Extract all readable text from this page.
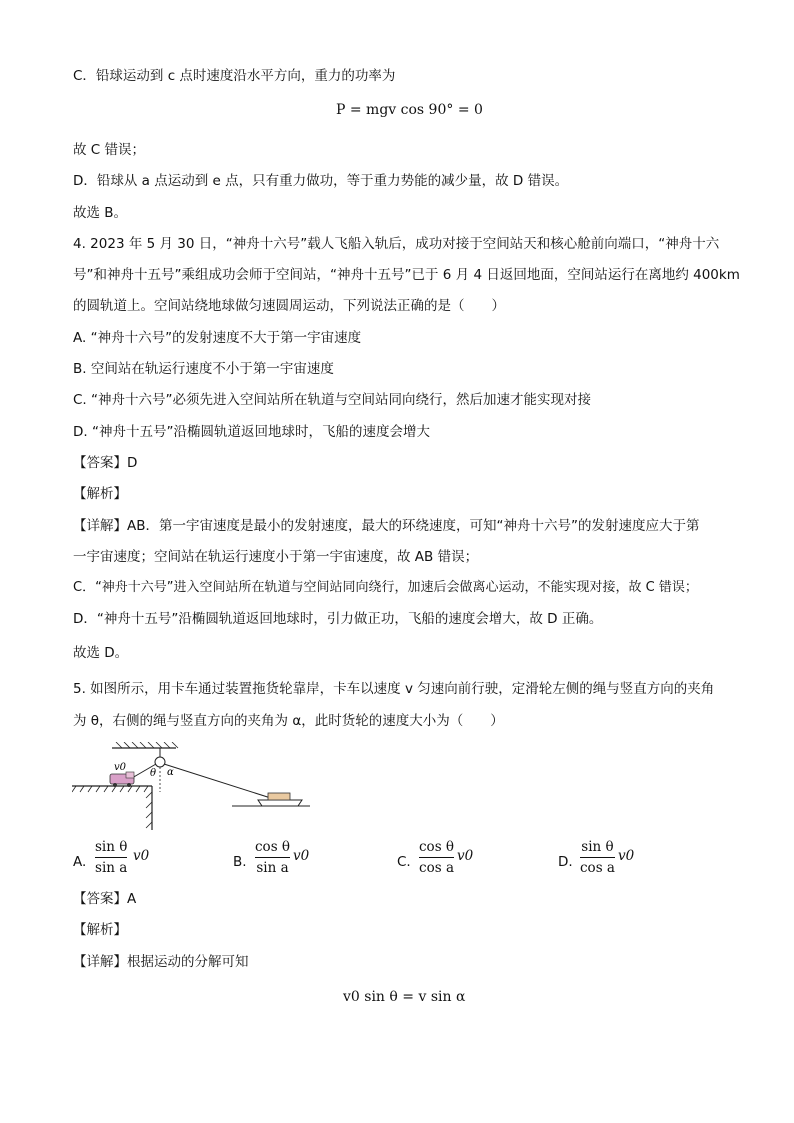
C．铅球运动到 c 点时速度沿水平方向，重力的功率为
P = mgv cos 90° = 0
故 C 错误；
D．铅球从 a 点运动到 e 点，只有重力做功，等于重力势能的减少量，故 D 错误。
故选 B。
4. 2023 年 5 月 30 日，“神舟十六号”载人飞船入轨后，成功对接于空间站天和核心舱前向端口，“神舟十六
号”和神舟十五号”乘组成功会师于空间站，“神舟十五号”已于 6 月 4 日返回地面，空间站运行在离地约 400km
的圆轨道上。空间站绕地球做匀速圆周运动，下列说法正确的是（　　）
A. “神舟十六号”的发射速度不大于第一宇宙速度
B. 空间站在轨运行速度不小于第一宇宙速度
C. “神舟十六号”必须先进入空间站所在轨道与空间站同向绕行，然后加速才能实现对接
D. “神舟十五号”沿椭圆轨道返回地球时，飞船的速度会增大
【答案】D
【解析】
【详解】AB．第一宇宙速度是最小的发射速度，最大的环绕速度，可知“神舟十六号”的发射速度应大于第
一宇宙速度；空间站在轨运行速度小于第一宇宙速度，故 AB 错误；
C．“神舟十六号”进入空间站所在轨道与空间站同向绕行，加速后会做离心运动，不能实现对接，故 C 错误；
D．“神舟十五号”沿椭圆轨道返回地球时，引力做正功，飞船的速度会增大，故 D 正确。
故选 D。
5. 如图所示，用卡车通过装置拖货轮靠岸，卡车以速度 v 匀速向前行驶，定滑轮左侧的绳与竖直方向的夹角
为 θ，右侧的绳与竖直方向的夹角为 α，此时货轮的速度大小为（　　）
v0
θ α
A.
sin θ
sin a
v0	B.
cos θ
sin a
v0	C.
cos θ
cos a
v0	D.
sin θ
cos a
v0
【答案】A
【解析】
【详解】根据运动的分解可知
v0 sin θ = v sin α
